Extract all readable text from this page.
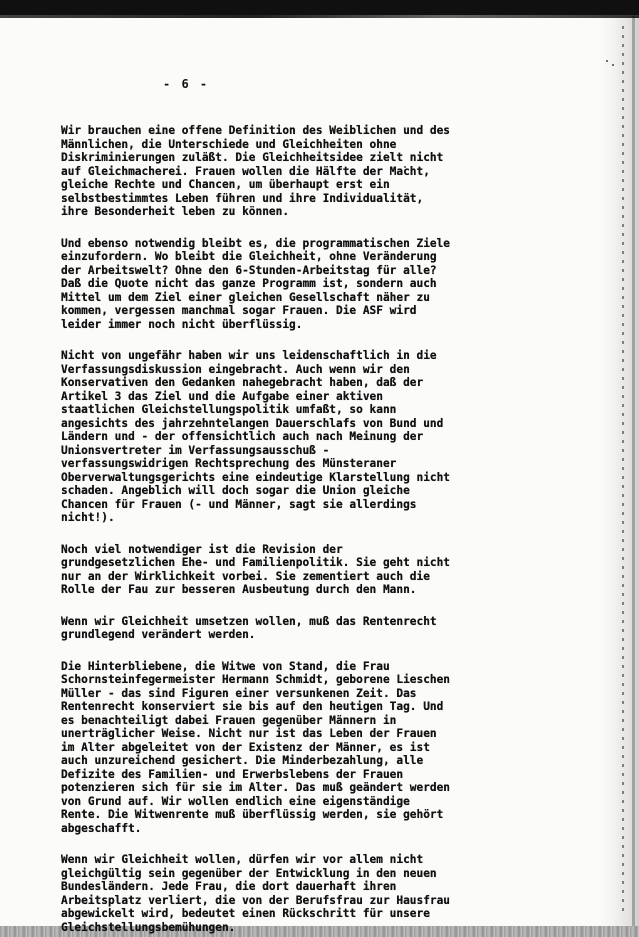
- 6 -
Wir brauchen eine offene Definition des Weiblichen und des
Männlichen, die Unterschiede und Gleichheiten ohne
Diskriminierungen zuläßt. Die Gleichheitsidee zielt nicht
auf Gleichmacherei. Frauen wollen die Hälfte der Macht,
gleiche Rechte und Chancen, um überhaupt erst ein
selbstbestimmtes Leben führen und ihre Individualität,
ihre Besonderheit leben zu können.
Und ebenso notwendig bleibt es, die programmatischen Ziele
einzufordern. Wo bleibt die Gleichheit, ohne Veränderung
der Arbeitswelt? Ohne den 6-Stunden-Arbeitstag für alle?
Daß die Quote nicht das ganze Programm ist, sondern auch
Mittel um dem Ziel einer gleichen Gesellschaft näher zu
kommen, vergessen manchmal sogar Frauen. Die ASF wird
leider immer noch nicht überflüssig.
Nicht von ungefähr haben wir uns leidenschaftlich in die
Verfassungsdiskussion eingebracht. Auch wenn wir den
Konservativen den Gedanken nahegebracht haben, daß der
Artikel 3 das Ziel und die Aufgabe einer aktiven
staatlichen Gleichstellungspolitik umfaßt, so kann
angesichts des jahrzehntelangen Dauerschlafs von Bund und
Ländern und - der offensichtlich auch nach Meinung der
Unionsvertreter im Verfassungsausschuß -
verfassungswidrigen Rechtsprechung des Münsteraner
Oberverwaltungsgerichts eine eindeutige Klarstellung nicht
schaden. Angeblich will doch sogar die Union gleiche
Chancen für Frauen (- und Männer, sagt sie allerdings
nicht!).
Noch viel notwendiger ist die Revision der
grundgesetzlichen Ehe- und Familienpolitik. Sie geht nicht
nur an der Wirklichkeit vorbei. Sie zementiert auch die
Rolle der Fau zur besseren Ausbeutung durch den Mann.
Wenn wir Gleichheit umsetzen wollen, muß das Rentenrecht
grundlegend verändert werden.
Die Hinterbliebene, die Witwe von Stand, die Frau
Schornsteinfegermeister Hermann Schmidt, geborene Lieschen
Müller - das sind Figuren einer versunkenen Zeit. Das
Rentenrecht konserviert sie bis auf den heutigen Tag. Und
es benachteiligt dabei Frauen gegenüber Männern in
unerträglicher Weise. Nicht nur ist das Leben der Frauen
im Alter abgeleitet von der Existenz der Männer, es ist
auch unzureichend gesichert. Die Minderbezahlung, alle
Defizite des Familien- und Erwerbslebens der Frauen
potenzieren sich für sie im Alter. Das muß geändert werden
von Grund auf. Wir wollen endlich eine eigenständige
Rente. Die Witwenrente muß überflüssig werden, sie gehört
abgeschafft.
Wenn wir Gleichheit wollen, dürfen wir vor allem nicht
gleichgültig sein gegenüber der Entwicklung in den neuen
Bundesländern. Jede Frau, die dort dauerhaft ihren
Arbeitsplatz verliert, die von der Berufsfrau zur Hausfrau
abgewickelt wird, bedeutet einen Rückschritt für unsere
Gleichstellungsbemühungen.
